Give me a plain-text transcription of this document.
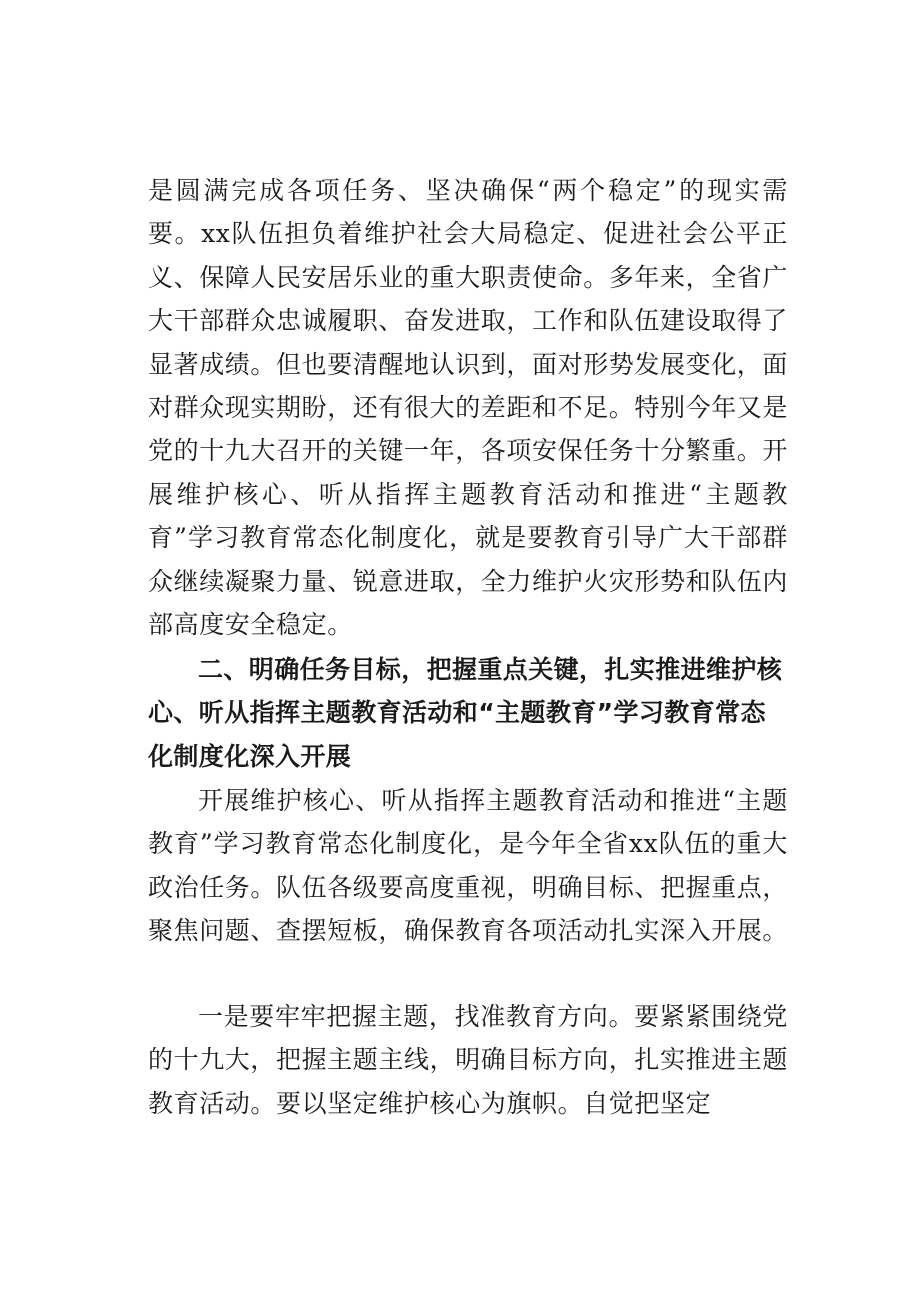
是圆满完成各项任务、坚决确保“两个稳定”的现实需要。xx队伍担负着维护社会大局稳定、促进社会公平正义、保障人民安居乐业的重大职责使命。多年来，全省广大干部群众忠诚履职、奋发进取，工作和队伍建设取得了显著成绩。但也要清醒地认识到，面对形势发展变化，面对群众现实期盼，还有很大的差距和不足。特别今年又是党的十九大召开的关键一年，各项安保任务十分繁重。开展维护核心、听从指挥主题教育活动和推进“主题教育”学习教育常态化制度化，就是要教育引导广大干部群众继续凝聚力量、锐意进取，全力维护火灾形势和队伍内部高度安全稳定。

二、明确任务目标，把握重点关键，扎实推进维护核心、听从指挥主题教育活动和“主题教育”学习教育常态化制度化深入开展

开展维护核心、听从指挥主题教育活动和推进“主题教育”学习教育常态化制度化，是今年全省xx队伍的重大政治任务。队伍各级要高度重视，明确目标、把握重点，聚焦问题、查摆短板，确保教育各项活动扎实深入开展。

一是要牢牢把握主题，找准教育方向。要紧紧围绕党的十九大，把握主题主线，明确目标方向，扎实推进主题教育活动。要以坚定维护核心为旗帜。自觉把坚定
